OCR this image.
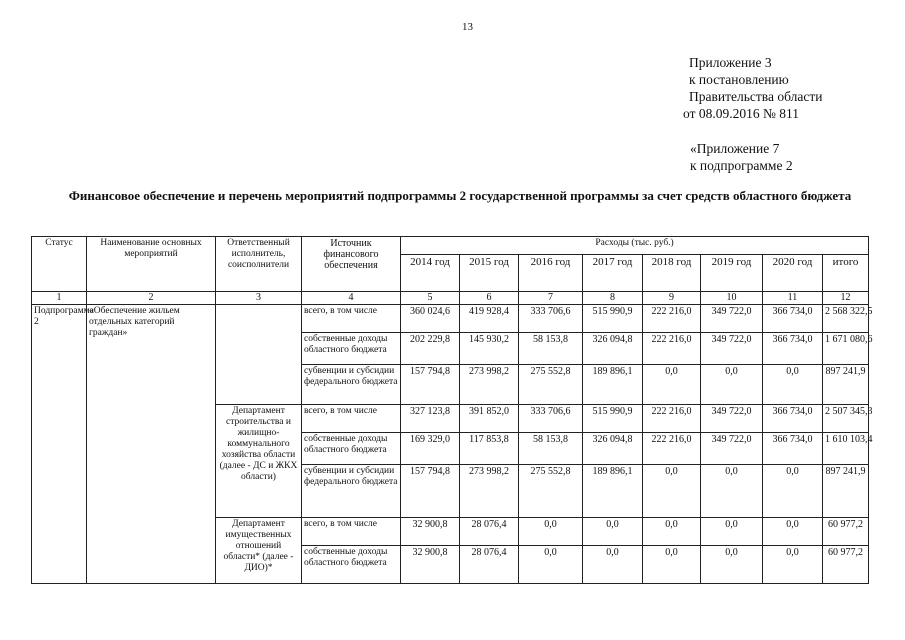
13
Приложение 3
к постановлению
Правительства области
от 08.09.2016 № 811
«Приложение 7
к подпрограмме 2
Финансовое обеспечение и перечень мероприятий подпрограммы 2 государственной программы за счет средств областного бюджета
Статус	Наименование основных мероприятий	Ответственный исполнитель, соисполнители	Источник финансового обеспечения	Расходы (тыс. руб.)							
				2014 год	2015 год	2016 год	2017 год	2018 год	2019 год	2020 год	итого
1	2	3	4	5	6	7	8	9	10	11	12
Подпрограмма 2	«Обеспечение жильем отдельных категорий граждан»		всего, в том числе	360 024,6	419 928,4	333 706,6	515 990,9	222 216,0	349 722,0	366 734,0	2 568 322,5
			собственные доходы областного бюджета	202 229,8	145 930,2	58 153,8	326 094,8	222 216,0	349 722,0	366 734,0	1 671 080,6
			субвенции и субсидии федерального бюджета	157 794,8	273 998,2	275 552,8	189 896,1	0,0	0,0	0,0	897 241,9
		Департамент строительства и жилищно-коммунального хозяйства области (далее - ДС и ЖКХ области)	всего, в том числе	327 123,8	391 852,0	333 706,6	515 990,9	222 216,0	349 722,0	366 734,0	2 507 345,3
			собственные доходы областного бюджета	169 329,0	117 853,8	58 153,8	326 094,8	222 216,0	349 722,0	366 734,0	1 610 103,4
			субвенции и субсидии федерального бюджета	157 794,8	273 998,2	275 552,8	189 896,1	0,0	0,0	0,0	897 241,9
		Департамент имущественных отношений области* (далее - ДИО)*	всего, в том числе	32 900,8	28 076,4	0,0	0,0	0,0	0,0	0,0	60 977,2
			собственные доходы областного бюджета	32 900,8	28 076,4	0,0	0,0	0,0	0,0	0,0	60 977,2
